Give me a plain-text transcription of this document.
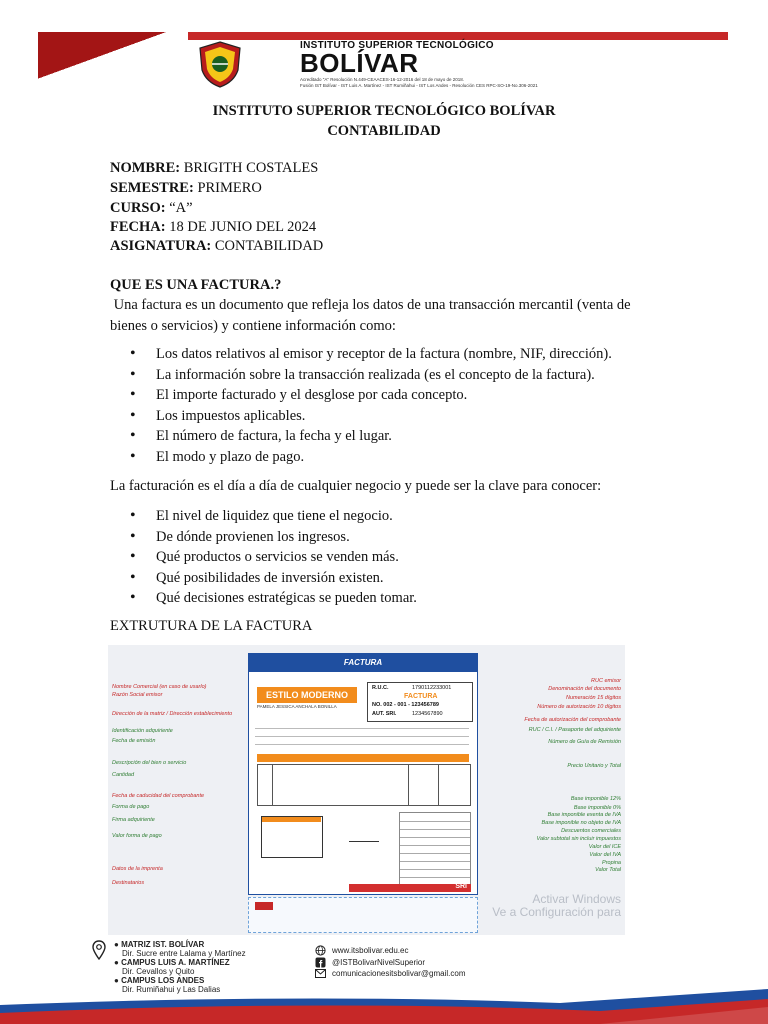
INSTITUTO SUPERIOR TECNOLÓGICO
BOLÍVAR
Acreditado "A" Resolución N.449-CEAACES-16-12-2016 del 18 de mayo de 2018.
Fusión IST Bolívar - IST Luis A. Martínez - IST Rumiñahui - IST Los Andes - Resolución CES RPC-SO-19-No.306-2021
INSTITUTO SUPERIOR TECNOLÓGICO BOLÍVAR
CONTABILIDAD
NOMBRE: BRIGITH COSTALES
SEMESTRE: PRIMERO
CURSO: “A”
FECHA: 18 DE JUNIO DEL 2024
ASIGNATURA: CONTABILIDAD
QUE ES UNA FACTURA.?
Una factura es un documento que refleja los datos de una transacción mercantil (venta de bienes o servicios) y contiene información como:
• Los datos relativos al emisor y receptor de la factura (nombre, NIF, dirección).
• La información sobre la transacción realizada (es el concepto de la factura).
• El importe facturado y el desglose por cada concepto.
• Los impuestos aplicables.
• El número de factura, la fecha y el lugar.
• El modo y plazo de pago.
La facturación es el día a día de cualquier negocio y puede ser la clave para conocer:
• El nivel de liquidez que tiene el negocio.
• De dónde provienen los ingresos.
• Qué productos o servicios se venden más.
• Qué posibilidades de inversión existen.
• Qué decisiones estratégicas se pueden tomar.
EXTRUTURA DE LA FACTURA
FACTURA
ESTILO MODERNO
PAMELA JESSICA ANCHALA BONILLA
R.U.C.	1790112233001
FACTURA
NO. 002 - 001 - 123456789
AUT. SRI.	1234567890
SRI
Nombre Comercial (en caso de usarlo)
Razón Social emisor
Dirección de la matriz / Dirección establecimiento
Identificación adquiriente
Fecha de emisión
Descripción del bien o servicio
Cantidad
Fecha de caducidad del comprobante
Forma de pago
Firma adquiriente
Valor forma de pago
Datos de la imprenta
Destinatarios
RUC emisor
Denominación del documento
Numeración 15 dígitos
Número de autorización 10 dígitos
Fecha de autorización del comprobante
RUC / C.I. / Pasaporte del adquiriente
Número de Guía de Remisión
Precio Unitario y Total
Base imponible 12%
Base imponible 0%
Base imponible exenta de IVA
Base imponible no objeto de IVA
Descuentos comerciales
Valor subtotal sin incluir impuestos
Valor del ICE
Valor del IVA
Propina
Valor Total
Activar Windows
Ve a Configuración para
● MATRIZ IST. BOLÍVAR
Dir. Sucre entre Lalama y Martínez
● CAMPUS LUIS A. MARTÍNEZ
Dir. Cevallos y Quito
● CAMPUS LOS ANDES
Dir. Rumiñahui y Las Dalias
www.itsbolivar.edu.ec
@ISTBolivarNivelSuperior
comunicacionesitsbolivar@gmail.com
